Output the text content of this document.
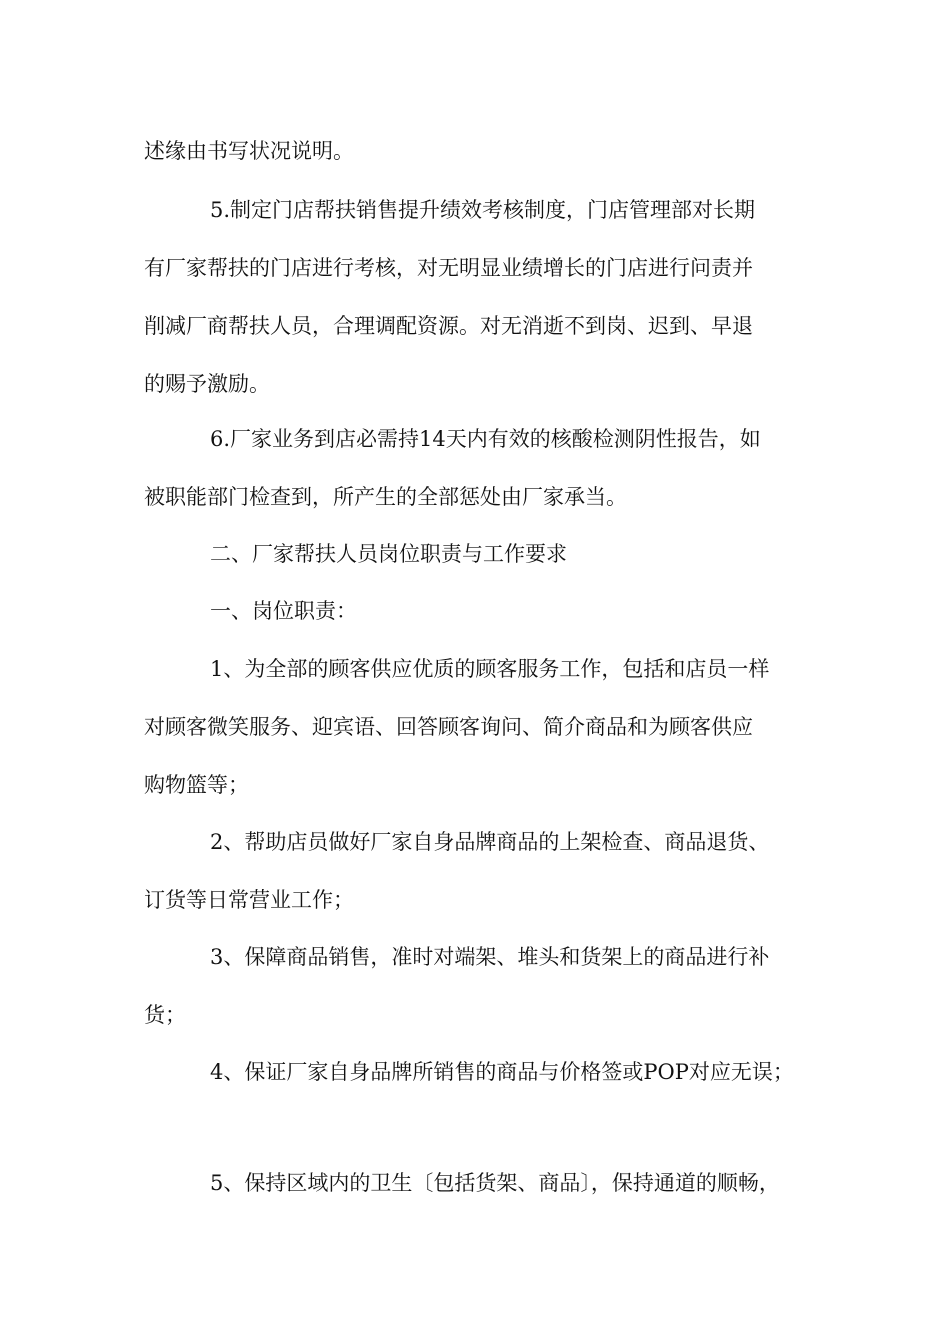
述缘由书写状况说明。

5.制定门店帮扶销售提升绩效考核制度，门店管理部对长期

有厂家帮扶的门店进行考核，对无明显业绩增长的门店进行问责并

削减厂商帮扶人员，合理调配资源。对无消逝不到岗、迟到、早退

的赐予激励。

6.厂家业务到店必需持14天内有效的核酸检测阴性报告，如

被职能部门检查到，所产生的全部惩处由厂家承当。

二、厂家帮扶人员岗位职责与工作要求

一、岗位职责：

1、为全部的顾客供应优质的顾客服务工作，包括和店员一样

对顾客微笑服务、迎宾语、回答顾客询问、简介商品和为顾客供应

购物篮等；

2、帮助店员做好厂家自身品牌商品的上架检查、商品退货、

订货等日常营业工作；

3、保障商品销售，准时对端架、堆头和货架上的商品进行补

货；

4、保证厂家自身品牌所销售的商品与价格签或POP对应无误；

5、保持区域内的卫生〔包括货架、商品〕，保持通道的顺畅，
